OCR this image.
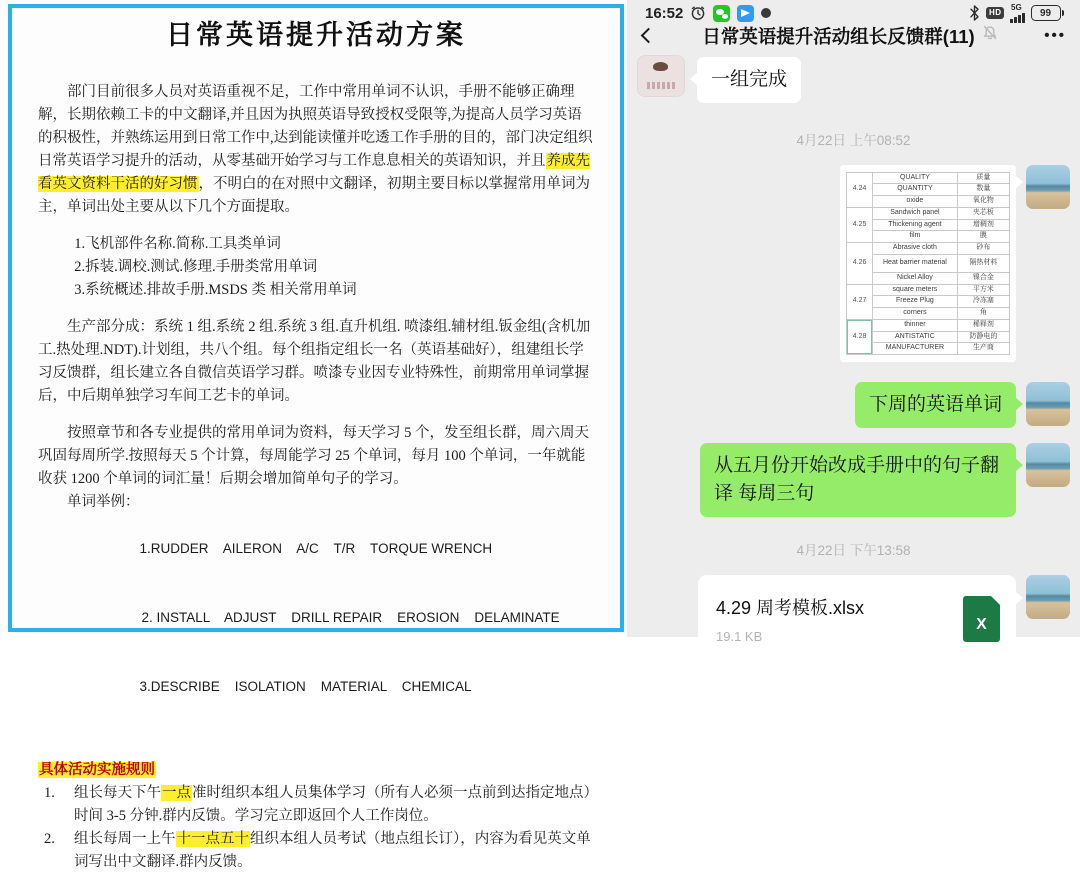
日常英语提升活动方案

部门目前很多人员对英语重视不足，工作中常用单词不认识，手册不能够正确理解，长期依赖工卡的中文翻译,并且因为执照英语导致授权受限等,为提高人员学习英语的积极性，并熟练运用到日常工作中,达到能读懂并吃透工作手册的目的，部门决定组织日常英语学习提升的活动，从零基础开始学习与工作息息相关的英语知识，并且养成先看英文资料干活的好习惯，不明白的在对照中文翻译，初期主要目标以掌握常用单词为主，单词出处主要从以下几个方面提取。

1.飞机部件名称.简称.工具类单词
2.拆装.调校.测试.修理.手册类常用单词
3.系统概述.排故手册.MSDS 类 相关常用单词

生产部分成：系统 1 组.系统 2 组.系统 3 组.直升机组. 喷漆组.辅材组.钣金组(含机加工.热处理.NDT).计划组，共八个组。每个组指定组长一名（英语基础好），组建组长学习反馈群，组长建立各自微信英语学习群。喷漆专业因专业特殊性，前期常用单词掌握后，中后期单独学习车间工艺卡的单词。

按照章节和各专业提供的常用单词为资料，每天学习 5 个，发至组长群，周六周天巩固每周所学.按照每天 5 个计算，每周能学习 25 个单词，每月 100 个单词，一年就能收获 1200 个单词的词汇量！后期会增加简单句子的学习。

单词举例：

1.RUDDER    AILERON    A/C    T/R    TORQUE WRENCH

2. INSTALL    ADJUST    DRILL REPAIR    EROSION    DELAMINATE

3.DESCRIBE    ISOLATION    MATERIAL    CHEMICAL

具体活动实施规则
1.	组长每天下午一点准时组织本组人员集体学习（所有人必须一点前到达指定地点）时间 3-5 分钟.群内反馈。学习完立即返回个人工作岗位。
2.	组长每周一上午十一点五十组织本组人员考试（地点组长订），内容为看见英文单词写出中文翻译.群内反馈。
16:52	HD
5G
99
日常英语提升活动组长反馈群(11)	•••
一组完成
4月22日 上午08:52
4.24	QUALITY	质量
	QUANTITY	数量
	oxide	氧化物
4.25	Sandwich panel	夹芯板
	Thickening agent	增稠剂
	film	膜
4.26	Abrasive cloth	砂布
	Heat barrier material	隔热材料
	Nickel Alloy	镍合金
4.27	square meters	平方米
	Freeze Plug	冷冻塞
	corners	角
4.28	thinner	稀释剂
	ANTISTATIC	防静电的
	MANUFACTURER	生产商
下周的英语单词
从五月份开始改成手册中的句子翻译 每周三句
4月22日 下午13:58
4.29 周考模板.xlsx
19.1 KB
X
